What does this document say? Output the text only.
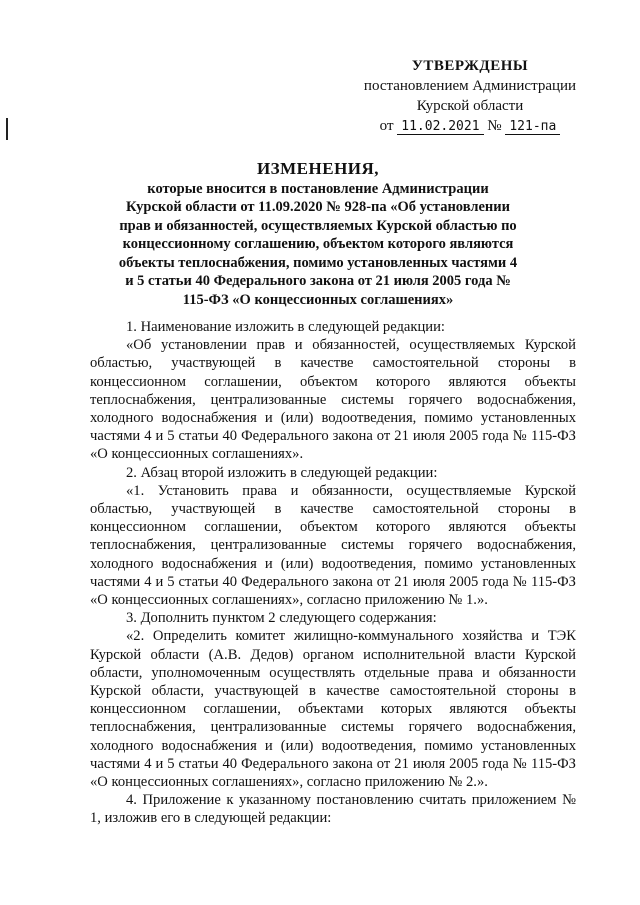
УТВЕРЖДЕНЫ
постановлением Администрации
Курской области
от 11.02.2021 № 121-па
ИЗМЕНЕНИЯ,
которые вносится в постановление Администрации Курской области от 11.09.2020 № 928-па «Об установлении прав и обязанностей, осуществляемых Курской областью по концессионному соглашению, объектом которого являются объекты теплоснабжения, помимо установленных частями 4 и 5 статьи 40 Федерального закона от 21 июля 2005 года № 115-ФЗ «О концессионных соглашениях»

1. Наименование изложить в следующей редакции:

«Об установлении прав и обязанностей, осуществляемых Курской областью, участвующей в качестве самостоятельной стороны в концессионном соглашении, объектом которого являются объекты теплоснабжения, централизованные системы горячего водоснабжения, холодного водоснабжения и (или) водоотведения, помимо установленных частями 4 и 5 статьи 40 Федерального закона от 21 июля 2005 года № 115-ФЗ «О концессионных соглашениях».

2. Абзац второй изложить в следующей редакции:

«1. Установить права и обязанности, осуществляемые Курской областью, участвующей в качестве самостоятельной стороны в концессионном соглашении, объектом которого являются объекты теплоснабжения, централизованные системы горячего водоснабжения, холодного водоснабжения и (или) водоотведения, помимо установленных частями 4 и 5 статьи 40 Федерального закона от 21 июля 2005 года № 115-ФЗ «О концессионных соглашениях», согласно приложению № 1.».

3. Дополнить пунктом 2 следующего содержания:

«2. Определить комитет жилищно-коммунального хозяйства и ТЭК Курской области (А.В. Дедов) органом исполнительной власти Курской области, уполномоченным осуществлять отдельные права и обязанности Курской области, участвующей в качестве самостоятельной стороны в концессионном соглашении, объектами которых являются объекты теплоснабжения, централизованные системы горячего водоснабжения, холодного водоснабжения и (или) водоотведения, помимо установленных частями 4 и 5 статьи 40 Федерального закона от 21 июля 2005 года № 115-ФЗ «О концессионных соглашениях», согласно приложению № 2.».

4. Приложение к указанному постановлению считать приложением № 1, изложив его в следующей редакции:
